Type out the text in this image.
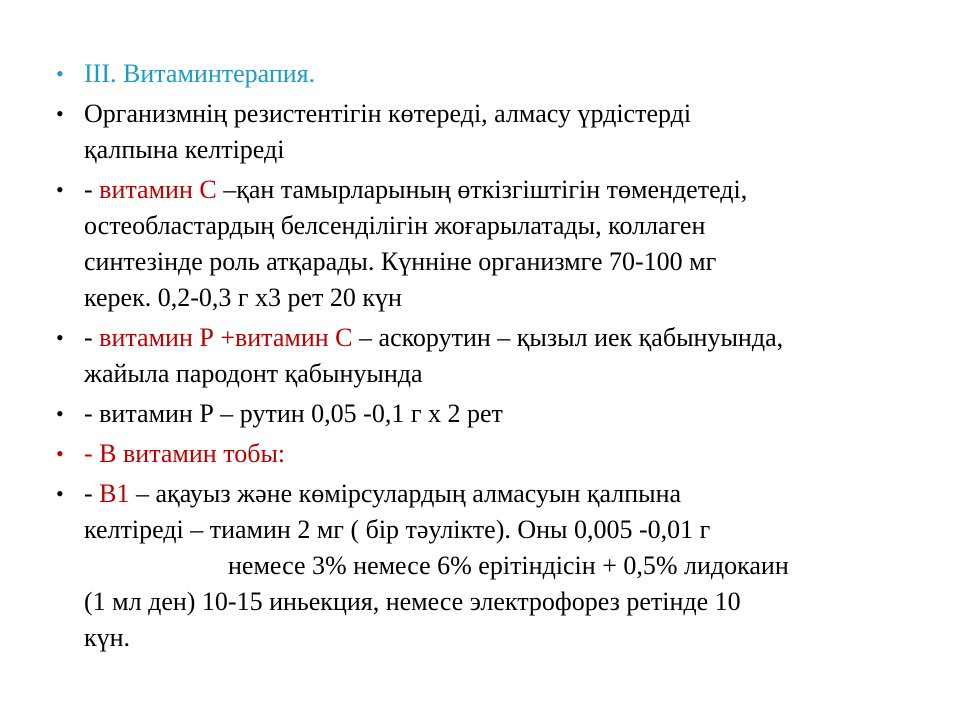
• III. Витаминтерапия.
• Организмнің резистентігін көтереді, алмасу үрдістерді
қалпына келтіреді
• - витамин С –қан тамырларының өткізгіштігін төмендетеді,
остеобластардың белсенділігін жоғарылатады, коллаген
синтезінде роль атқарады. Күнніне организмге 70-100 мг
керек. 0,2-0,3 г х3 рет 20 күн
• - витамин Р +витамин С – аскорутин – қызыл иек қабынуында,
жайыла пародонт қабынуында
• - витамин Р – рутин 0,05 -0,1 г х 2 рет
• - В витамин тобы:
• - В1 – ақауыз және көмірсулардың алмасуын қалпына
келтіреді – тиамин 2 мг ( бір тәулікте). Оны 0,005 -0,01 г
немесе 3% немесе 6% ерітіндісін + 0,5% лидокаин
(1 мл ден) 10-15 иньекция, немесе электрофорез ретінде 10
күн.
